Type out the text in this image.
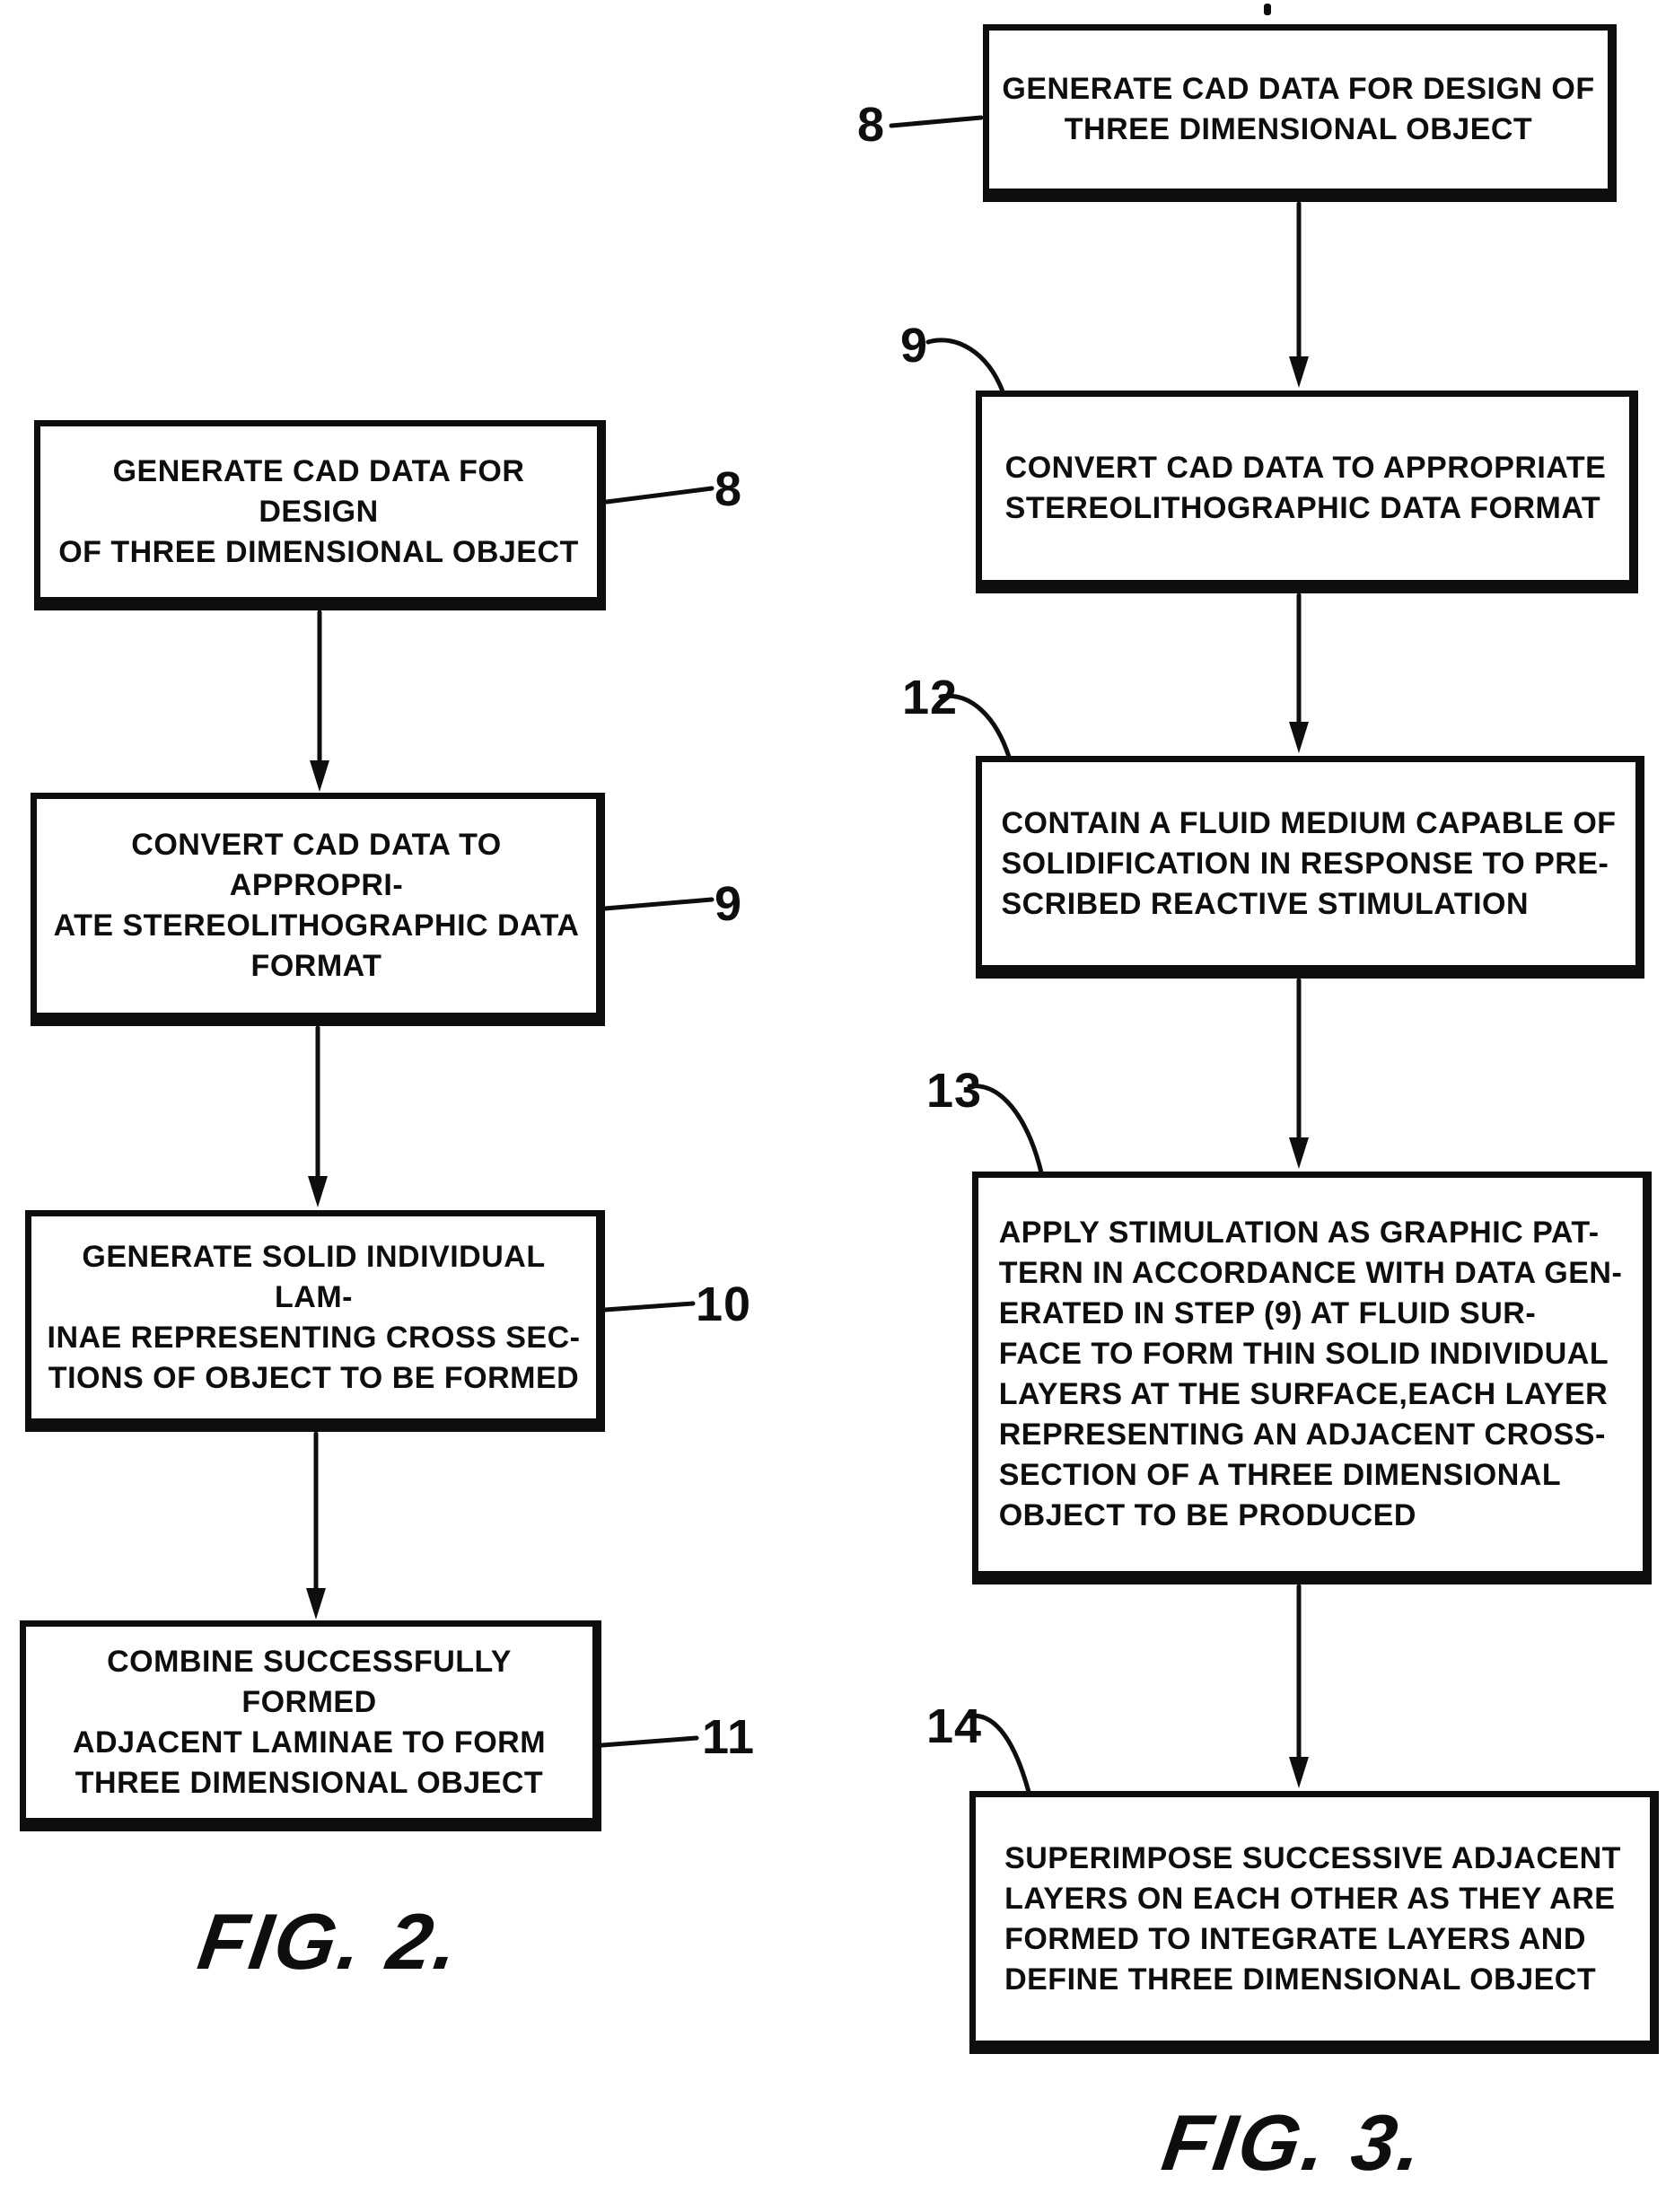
GENERATE CAD DATA FOR DESIGN
OF THREE DIMENSIONAL OBJECT
CONVERT CAD DATA TO APPROPRI-
ATE STEREOLITHOGRAPHIC DATA
FORMAT
GENERATE SOLID INDIVIDUAL LAM-
INAE REPRESENTING CROSS SEC-
TIONS OF OBJECT TO BE FORMED
COMBINE SUCCESSFULLY FORMED
ADJACENT LAMINAE TO FORM
THREE DIMENSIONAL OBJECT
GENERATE CAD DATA FOR DESIGN OF
THREE DIMENSIONAL OBJECT
CONVERT CAD DATA TO APPROPRIATE
STEREOLITHOGRAPHIC DATA FORMAT
CONTAIN A FLUID MEDIUM CAPABLE OF
SOLIDIFICATION IN RESPONSE TO PRE-
SCRIBED REACTIVE STIMULATION
APPLY STIMULATION AS GRAPHIC PAT-
TERN IN ACCORDANCE WITH DATA GEN-
ERATED IN STEP (9) AT FLUID SUR-
FACE TO FORM THIN SOLID INDIVIDUAL
LAYERS AT THE SURFACE,EACH LAYER
REPRESENTING AN ADJACENT CROSS-
SECTION OF A THREE DIMENSIONAL
OBJECT TO BE PRODUCED
SUPERIMPOSE SUCCESSIVE ADJACENT
LAYERS ON EACH OTHER AS THEY ARE
FORMED TO INTEGRATE LAYERS AND
DEFINE THREE DIMENSIONAL OBJECT
8
9
10
11
8
9
12
13
14
FIG. 2.
FIG. 3.
